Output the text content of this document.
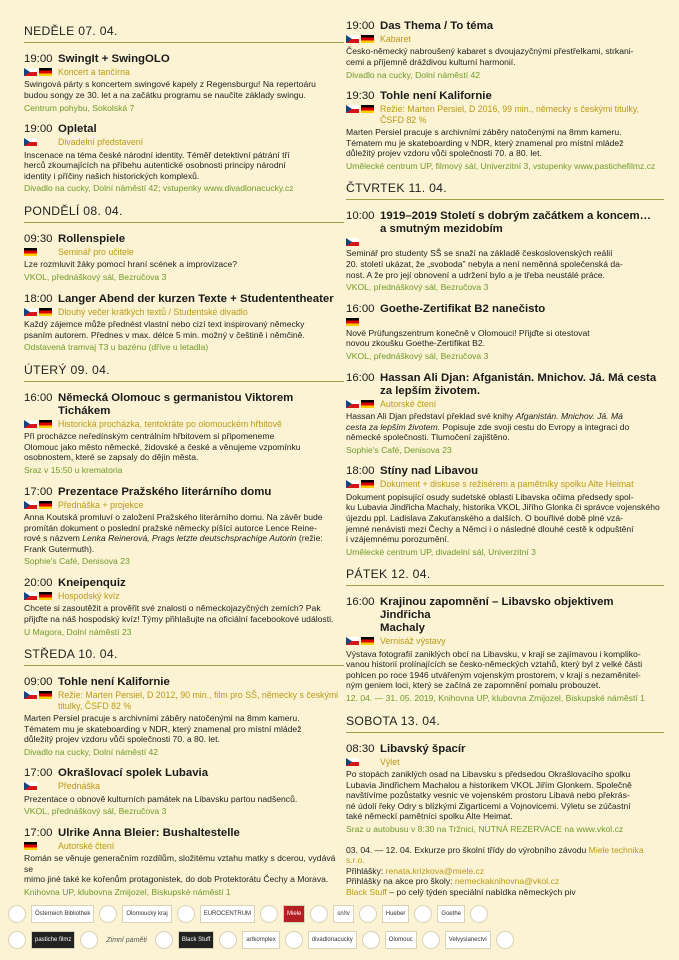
NEDĚLE 07. 04.
19:00 SwingIt + SwingOLO
Koncert a tančírna
Swingová párty s koncertem swingové kapely z Regensburgu! Na repertoáru
budou songy ze 30. let a na začátku programu se naučíte základy swingu.
Centrum pohybu, Sokolská 7
19:00 Opletal
Divadelní představení
Inscenace na téma české národní identity. Téměř detektivní pátrání tří
herců zkoumajících na příbehu autentické osobnosti principy národní
identity i příčiny našich historických komplexů.
Divadlo na cucky, Dolní náměstí 42; vstupenky www.divadlonacucky.cz
PONDĚLÍ 08. 04.
09:30 Rollenspiele
Seminář pro učitele
Lze rozmluvit žáky pomocí hraní scének a improvizace?
VKOL, přednáškový sál, Bezručova 3
18:00 Langer Abend der kurzen Texte + Studententheater
Dlouhý večer krátkých textů / Studentské divadlo
Každý zájemce může přednést vlastní nebo cizí text inspirovaný německy
psaním autorem. Přednes v max. délce 5 min. možný v češtině i němčině.
Odstavená tramvaj T3 u bazénu (dříve u letadla)
ÚTERÝ 09. 04.
16:00 Německá Olomouc s germanistou Viktorem Tichákem
Historická procházka, tentokráte po olomouckém hřbitově
Při procházce neředínským centrálním hřbitovem si připomeneme
Olomouc jako město německé, židovské a české a věnujeme vzpomínku
osobnostem, které se zapsaly do dějin města.
Sraz v 15:50 u krematoria
17:00 Prezentace Pražského literárního domu
Přednáška + projekce
Anna Koutská promluví o založení Pražského literárního domu. Na závěr bude
promítán dokument o poslední pražské německy píšící autorce Lence Reine-
rové s názvem Lenka Reinerová, Prags letzte deutschsprachige Autorin (režie:
Frank Gutermuth).
Sophie's Café, Denisova 23
20:00 Kneipenquiz
Hospodský kvíz
Chcete si zasoutěžit a prověřit své znalosti o německojazyčných zemích? Pak
přijďte na náš hospodský kvíz! Týmy přihlašujte na oficiální facebookové události.
U Magora, Dolní náměstí 23
STŘEDA 10. 04.
09:00 Tohle není Kalifornie
Režie: Marten Persiel, D 2012, 90 min., film pro SŠ, německy s českými titulky, ČSFD 82 %
Marten Persiel pracuje s archivními záběry natočenými na 8mm kameru.
Tématem mu je skateboarding v NDR, který znamenal pro místní mládež
důležitý projev vzdoru vůči společnosti 70. a 80. let.
Divadlo na cucky, Dolní náměstí 42
17:00 Okrašlovací spolek Lubavia
Přednáška
Prezentace o obnově kulturních památek na Libavsku partou nadšenců.
VKOL, přednáškový sál, Bezručova 3
17:00 Ulrike Anna Bleier: Bushaltestelle
Autorské čtení
Román se věnuje generačním rozdílům, složitému vztahu matky s dcerou, vydává se
mimo jiné také ke kořenům protagonistek, do dob Protektorátu Čechy a Morava.
Knihovna UP, klubovna Zmijozel, Biskupské náměstí 1
19:00 Das Thema / To téma
Kabaret
Česko-německý nabroušený kabaret s dvoujazyčnými přestřelkami, strkani-
cemi a příjemně dráždivou kulturní harmonií.
Divadlo na cucky, Dolní náměstí 42
19:30 Tohle není Kalifornie
Režie: Marten Persiel, D 2016, 99 min., německy s českými titulky, ČSFD 82 %
Marten Persiel pracuje s archivními záběry natočenými na 8mm kameru.
Tématem mu je skateboarding v NDR, který znamenal pro místní mládež
důležitý projev vzdoru vůči společnosti 70. a 80. let.
Umělecké centrum UP, filmový sál, Univerzitní 3, vstupenky www.pastichefilmz.cz
ČTVRTEK 11. 04.
10:00 1919–2019 Století s dobrým začátkem a koncem…
a smutným mezidobím
Seminář pro studenty SŠ se snaží na základě československých reálií
20. století ukázat, že „svoboda" nebyla a není neměnná společenská da-
nost. A že pro její obnovení a udržení bylo a je třeba neustálé práce.
VKOL, přednáškový sál, Bezručova 3
16:00 Goethe-Zertifikat B2 nanečisto
Nové Prüfungszentrum konečně v Olomouci! Přijďte si otestovat
novou zkoušku Goethe-Zertifikat B2.
VKOL, přednáškový sál, Bezručova 3
16:00 Hassan Ali Djan: Afganistán. Mnichov. Já. Má cesta
za lepším životem.
Autorské čtení
Hassan Ali Djan představí překlad své knihy Afganistán. Mnichov. Já. Má
cesta za lepším životem. Popisuje zde svoji cestu do Evropy a integraci do
německé společnosti. Tlumočení zajištěno.
Sophie's Café, Denisova 23
18:00 Stíny nad Libavou
Dokument + diskuse s režisérem a pamětníky spolku Alte Heimat
Dokument popisující osudy sudetské oblasti Libavska očima předsedy spol-
ku Lubavia Jindřicha Machaly, historika VKOL Jiřího Glonka či správce vojenského
újezdu ppl. Ladislava Zakuťanského a dalších. O bouřlivé době plné vzá-
jemné nenávisti mezi Čechy a Němci i o následné dlouhé cestě k odpuštění
i vzájemnému porozumění.
Umělecké centrum UP, divadelní sál, Univerzitní 3
PÁTEK 12. 04.
16:00 Krajinou zapomnění – Libavsko objektivem Jindřicha
Machaly
Vernisáž výstavy
Výstava fotografií zaniklých obcí na Libavsku, v kraji se zajímavou i kompliko-
vanou historií prolínajících se česko-německých vztahů, který byl z velké části
pohlcen po roce 1946 utvářeným vojenským prostorem, v kraji s nezaměnitel-
ným geniem loci, který se začíná ze zapomnění pomalu probouzet.
12. 04. — 31. 05. 2019, Knihovna UP, klubovna Zmijozel, Biskupské náměstí 1
SOBOTA 13. 04.
08:30 Libavský špacír
Výlet
Po stopách zaniklých osad na Libavsku s předsedou Okrašlovacího spolku
Lubavia Jindřichem Machalou a historikem VKOL Jiřím Glonkem. Společně
navštívíme pozůstatky vesnic ve vojenském prostoru Libavá nebo překrás-
né údolí řeky Odry s blízkými Zigarticemi a Vojnovicemi. Výletu se zúčastní
také německí pamětníci spolku Alte Heimat.
Sraz u autobusu v 8:30 na Tržnici, NUTNÁ REZERVACE na www.vkol.cz
03. 04. — 12. 04. Exkurze pro školní třídy do výrobního závodu Miele technika s.r.o.
Přihlášky: renata.krizkova@miele.cz
Přihlášky na akce pro školy: nemeckaknihovna@vkol.cz
Black Stuff – po celý týden speciální nabídka německých piv
Österreich Bibliothek	Olomoucký kraj	EUROCENTRUM	Miele	sn!lv	Hueber	Goethe
pastiche filmz	Zimní paměti	Black Stuff	artkomplex	divadlonacucky	Olomouc	Velvyslanectví
